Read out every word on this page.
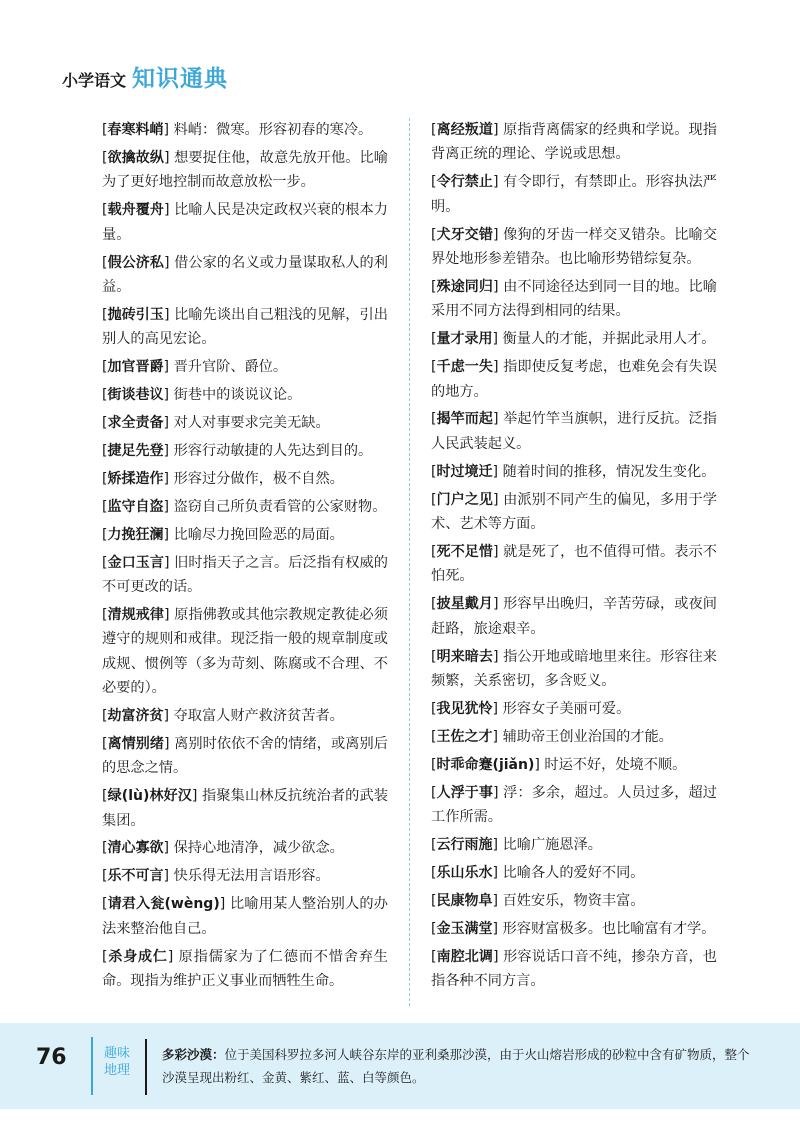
小学语文 知识通典
[春寒料峭] 料峭：微寒。形容初春的寒冷。
[欲擒故纵] 想要捉住他，故意先放开他。比喻为了更好地控制而故意放松一步。
[载舟覆舟] 比喻人民是决定政权兴衰的根本力量。
[假公济私] 借公家的名义或力量谋取私人的利益。
[抛砖引玉] 比喻先谈出自己粗浅的见解，引出别人的高见宏论。
[加官晋爵] 晋升官阶、爵位。
[街谈巷议] 街巷中的谈说议论。
[求全责备] 对人对事要求完美无缺。
[捷足先登] 形容行动敏捷的人先达到目的。
[矫揉造作] 形容过分做作，极不自然。
[监守自盗] 盗窃自己所负责看管的公家财物。
[力挽狂澜] 比喻尽力挽回险恶的局面。
[金口玉言] 旧时指天子之言。后泛指有权威的不可更改的话。
[清规戒律] 原指佛教或其他宗教规定教徒必须遵守的规则和戒律。现泛指一般的规章制度或成规、惯例等（多为苛刻、陈腐或不合理、不必要的）。
[劫富济贫] 夺取富人财产救济贫苦者。
[离情别绪] 离别时依依不舍的情绪，或离别后的思念之情。
[绿(lù)林好汉] 指聚集山林反抗统治者的武装集团。
[清心寡欲] 保持心地清净，减少欲念。
[乐不可言] 快乐得无法用言语形容。
[请君入瓮(wèng)] 比喻用某人整治别人的办法来整治他自己。
[杀身成仁] 原指儒家为了仁德而不惜舍弃生命。现指为维护正义事业而牺牲生命。
[离经叛道] 原指背离儒家的经典和学说。现指背离正统的理论、学说或思想。
[令行禁止] 有令即行，有禁即止。形容执法严明。
[犬牙交错] 像狗的牙齿一样交叉错杂。比喻交界处地形参差错杂。也比喻形势错综复杂。
[殊途同归] 由不同途径达到同一目的地。比喻采用不同方法得到相同的结果。
[量才录用] 衡量人的才能，并据此录用人才。
[千虑一失] 指即使反复考虑，也难免会有失误的地方。
[揭竿而起] 举起竹竿当旗帜，进行反抗。泛指人民武装起义。
[时过境迁] 随着时间的推移，情况发生变化。
[门户之见] 由派别不同产生的偏见，多用于学术、艺术等方面。
[死不足惜] 就是死了，也不值得可惜。表示不怕死。
[披星戴月] 形容早出晚归，辛苦劳碌，或夜间赶路，旅途艰辛。
[明来暗去] 指公开地或暗地里来往。形容往来频繁，关系密切，多含贬义。
[我见犹怜] 形容女子美丽可爱。
[王佐之才] 辅助帝王创业治国的才能。
[时乖命蹇(jiǎn)] 时运不好，处境不顺。
[人浮于事] 浮：多余，超过。人员过多，超过工作所需。
[云行雨施] 比喻广施恩泽。
[乐山乐水] 比喻各人的爱好不同。
[民康物阜] 百姓安乐，物资丰富。
[金玉满堂] 形容财富极多。也比喻富有才学。
[南腔北调] 形容说话口音不纯，掺杂方音，也指各种不同方言。
76	趣味
地理
多彩沙漠：位于美国科罗拉多河人峡谷东岸的亚利桑那沙漠，由于火山熔岩形成的砂粒中含有矿物质，整个沙漠呈现出粉红、金黄、紫红、蓝、白等颜色。
